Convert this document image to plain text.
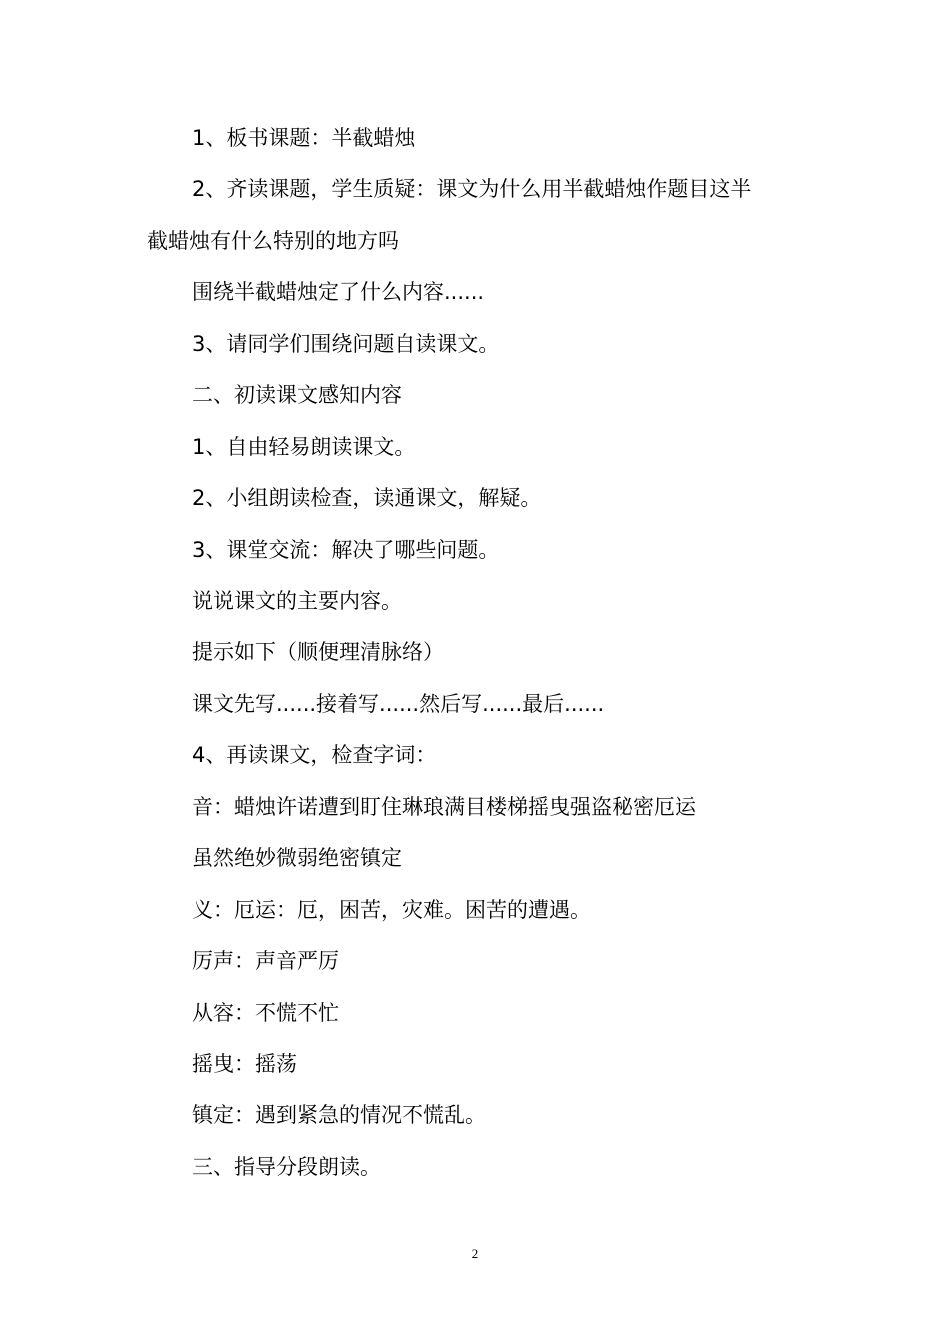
1、板书课题：半截蜡烛
2、齐读课题，学生质疑：课文为什么用半截蜡烛作题目这半
截蜡烛有什么特别的地方吗
围绕半截蜡烛定了什么内容......
3、请同学们围绕问题自读课文。
二、初读课文感知内容
1、自由轻易朗读课文。
2、小组朗读检查，读通课文，解疑。
3、课堂交流：解决了哪些问题。
说说课文的主要内容。
提示如下（顺便理清脉络）
课文先写......接着写......然后写......最后......
4、再读课文，检查字词：
音：蜡烛许诺遭到盯住琳琅满目楼梯摇曳强盗秘密厄运
虽然绝妙微弱绝密镇定
义：厄运：厄，困苦，灾难。困苦的遭遇。
厉声：声音严厉
从容：不慌不忙
摇曳：摇荡
镇定：遇到紧急的情况不慌乱。
三、指导分段朗读。
2
